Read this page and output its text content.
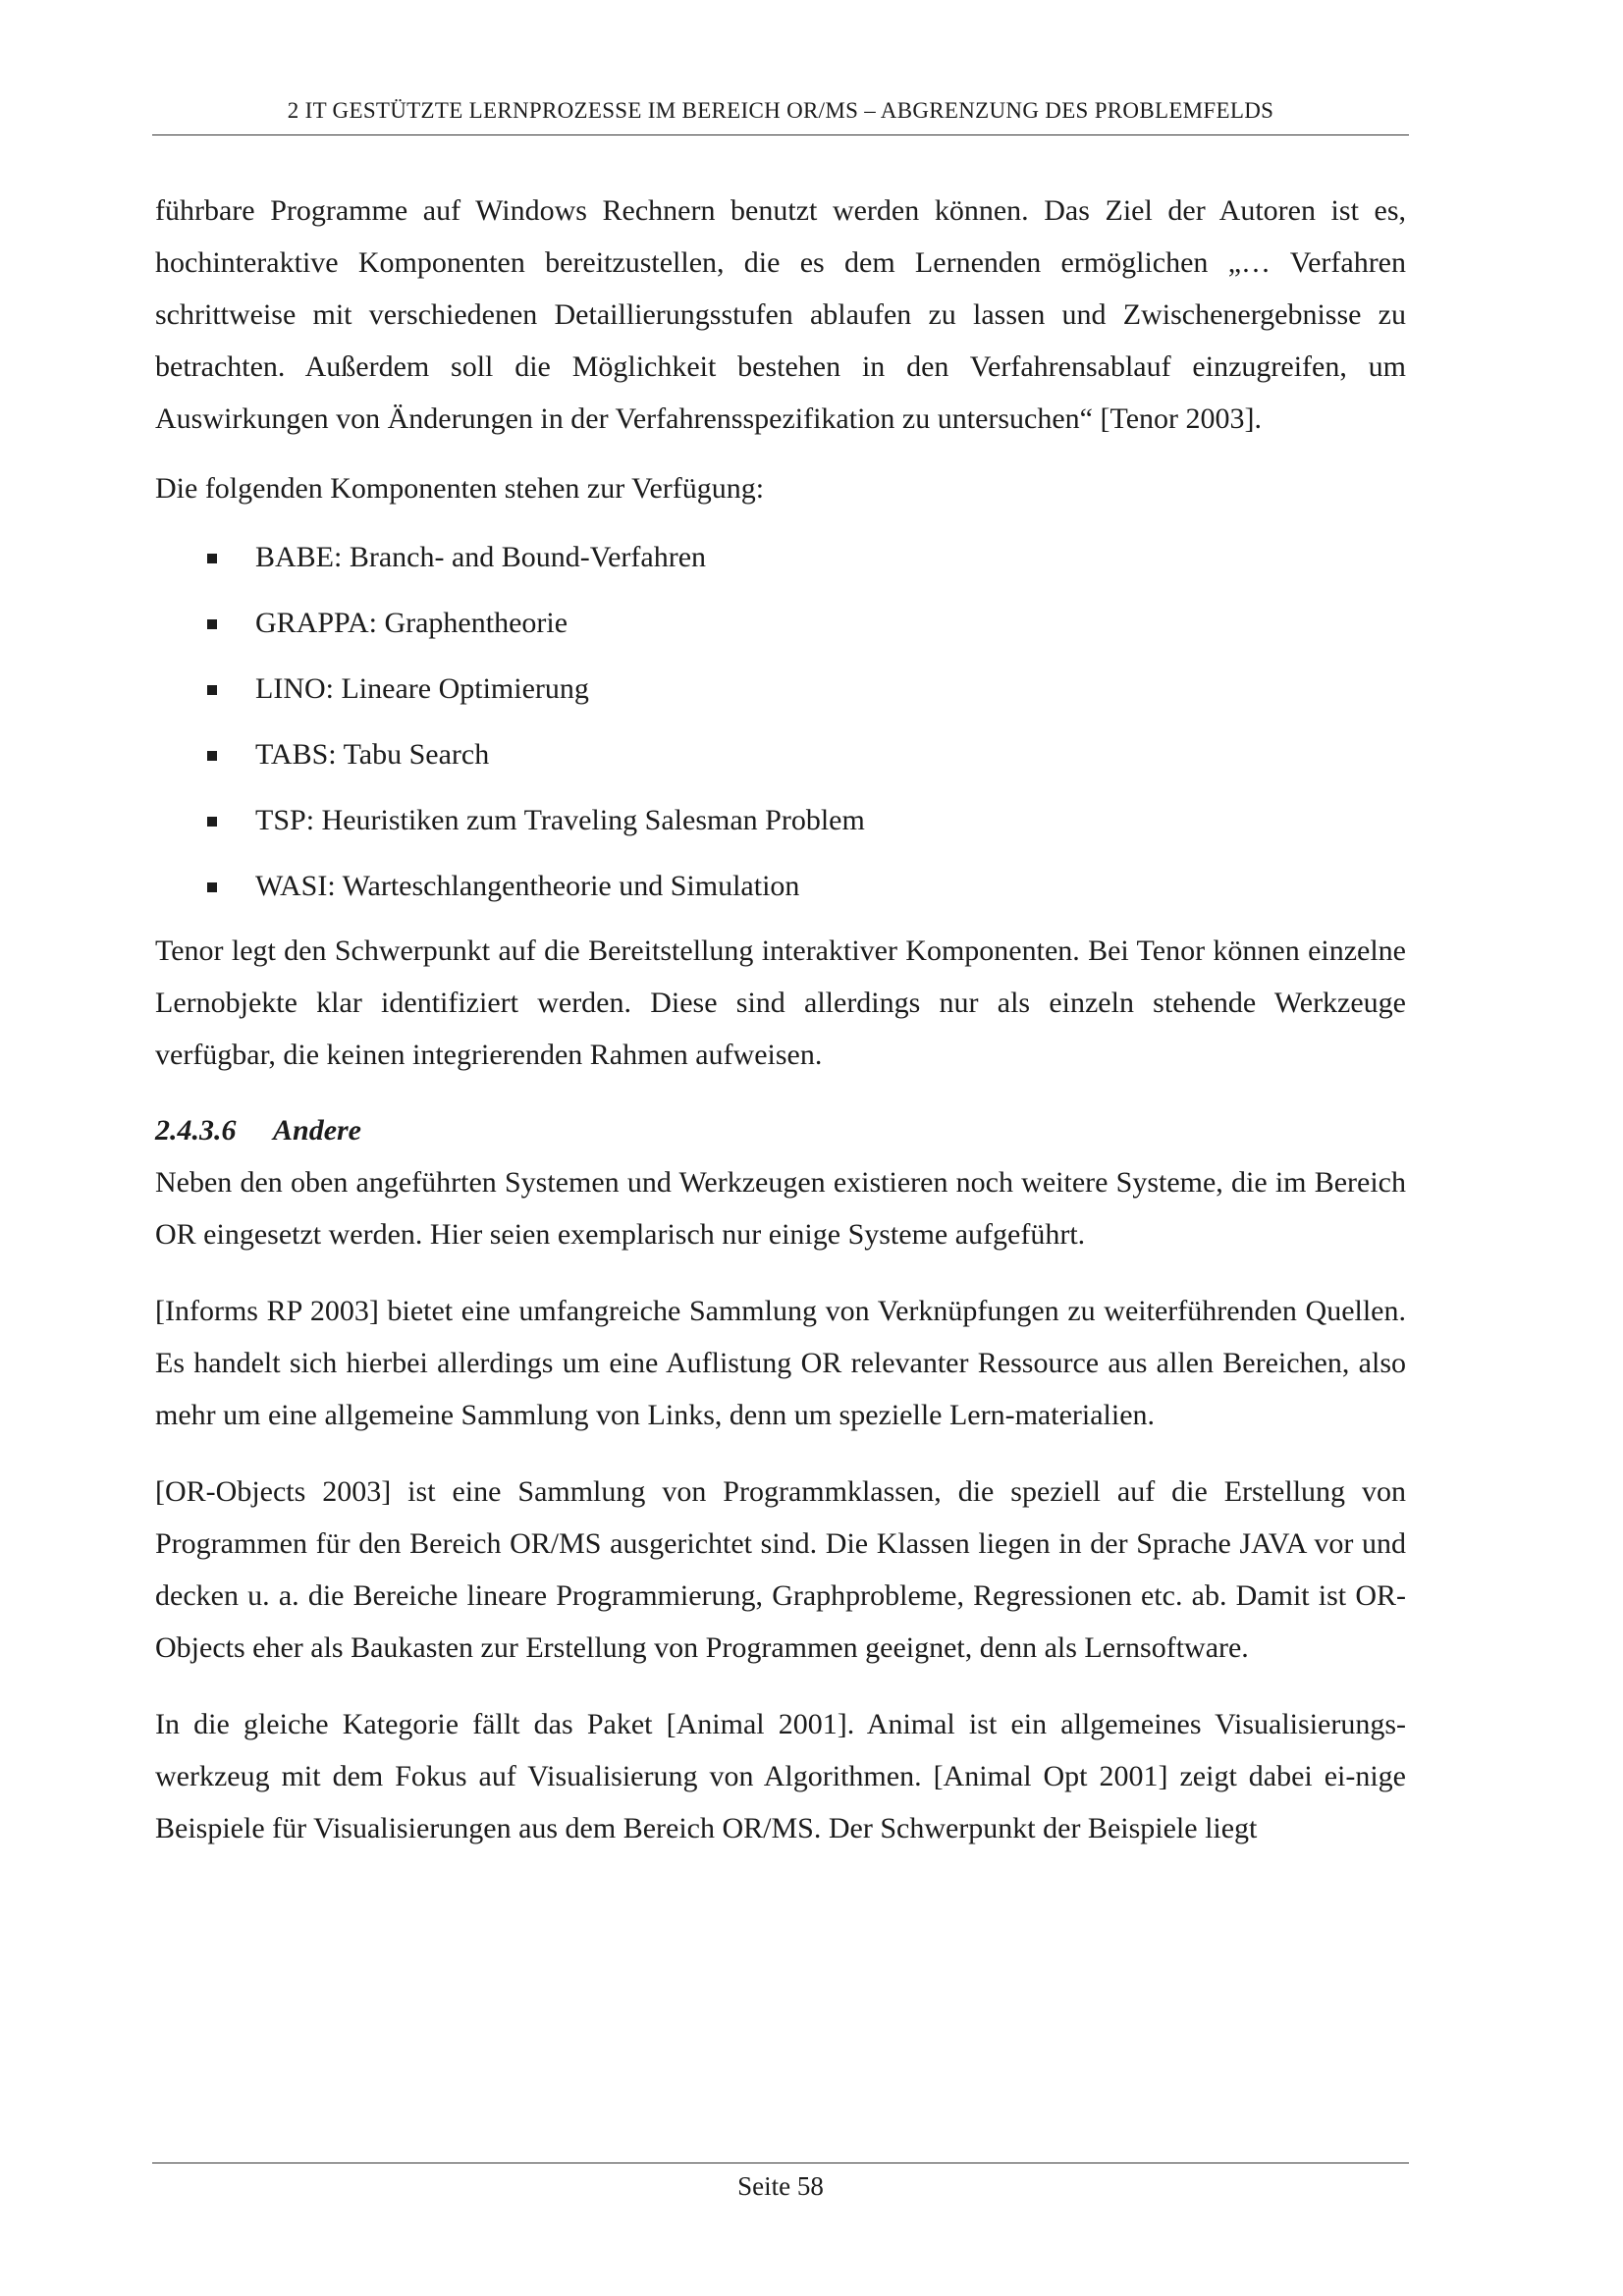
2 IT GESTÜTZTE LERNPROZESSE IM BEREICH OR/MS – ABGRENZUNG DES PROBLEMFELDS

führbare Programme auf Windows Rechnern benutzt werden können. Das Ziel der Autoren ist es, hochinteraktive Komponenten bereitzustellen, die es dem Lernenden ermöglichen „… Verfahren schrittweise mit verschiedenen Detaillierungsstufen ablaufen zu lassen und Zwischenergebnisse zu betrachten. Außerdem soll die Möglichkeit bestehen in den Verfahrensablauf einzugreifen, um Auswirkungen von Änderungen in der Verfahrensspezifikation zu untersuchen“ [Tenor 2003].

Die folgenden Komponenten stehen zur Verfügung:

BABE: Branch- and Bound-Verfahren
GRAPPA: Graphentheorie
LINO: Lineare Optimierung
TABS: Tabu Search
TSP: Heuristiken zum Traveling Salesman Problem
WASI: Warteschlangentheorie und Simulation

Tenor legt den Schwerpunkt auf die Bereitstellung interaktiver Komponenten. Bei Tenor können einzelne Lernobjekte klar identifiziert werden. Diese sind allerdings nur als einzeln stehende Werkzeuge verfügbar, die keinen integrierenden Rahmen aufweisen.

2.4.3.6 Andere

Neben den oben angeführten Systemen und Werkzeugen existieren noch weitere Systeme, die im Bereich OR eingesetzt werden. Hier seien exemplarisch nur einige Systeme aufgeführt.

[Informs RP 2003] bietet eine umfangreiche Sammlung von Verknüpfungen zu weiterführenden Quellen. Es handelt sich hierbei allerdings um eine Auflistung OR relevanter Ressource aus allen Bereichen, also mehr um eine allgemeine Sammlung von Links, denn um spezielle Lern-materialien.

[OR-Objects 2003] ist eine Sammlung von Programmklassen, die speziell auf die Erstellung von Programmen für den Bereich OR/MS ausgerichtet sind. Die Klassen liegen in der Sprache JAVA vor und decken u. a. die Bereiche lineare Programmierung, Graphprobleme, Regressionen etc. ab. Damit ist OR-Objects eher als Baukasten zur Erstellung von Programmen geeignet, denn als Lernsoftware.

In die gleiche Kategorie fällt das Paket [Animal 2001]. Animal ist ein allgemeines Visualisierungs-werkzeug mit dem Fokus auf Visualisierung von Algorithmen. [Animal Opt 2001] zeigt dabei ei-nige Beispiele für Visualisierungen aus dem Bereich OR/MS. Der Schwerpunkt der Beispiele liegt

Seite 58
